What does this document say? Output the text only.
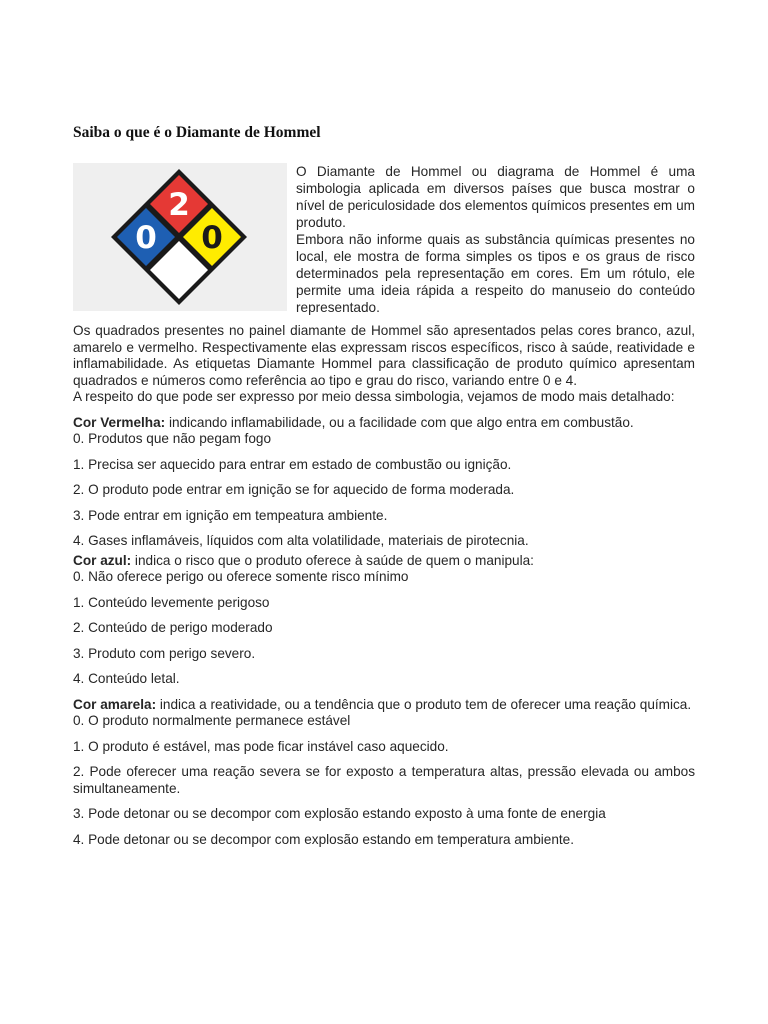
Saiba o que é o Diamante de Hommel
2
0 0

O Diamante de Hommel ou diagrama de Hommel é uma simbologia aplicada em diversos países que busca mostrar o nível de periculosidade dos elementos químicos presentes em um produto.

Embora não informe quais as substância químicas presentes no local, ele mostra de forma simples os tipos e os graus de risco determinados pela representação em cores. Em um rótulo, ele permite uma ideia rápida a respeito do manuseio do conteúdo representado.

Os quadrados presentes no painel diamante de Hommel são apresentados pelas cores branco, azul, amarelo e vermelho. Respectivamente elas expressam riscos específicos, risco à saúde, reatividade e inflamabilidade. As etiquetas Diamante Hommel para classificação de produto químico apresentam quadrados e números como referência ao tipo e grau do risco, variando entre 0 e 4.

A respeito do que pode ser expresso por meio dessa simbologia, vejamos de modo mais detalhado:

Cor Vermelha: indicando inflamabilidade, ou a facilidade com que algo entra em combustão.

0. Produtos que não pegam fogo

1. Precisa ser aquecido para entrar em estado de combustão ou ignição.

2. O produto pode entrar em ignição se for aquecido de forma moderada.

3. Pode entrar em ignição em tempeatura ambiente.

4. Gases inflamáveis, líquidos com alta volatilidade, materiais de pirotecnia.

Cor azul: indica o risco que o produto oferece à saúde de quem o manipula:

0. Não oferece perigo ou oferece somente risco mínimo

1. Conteúdo levemente perigoso

2. Conteúdo de perigo moderado

3. Produto com perigo severo.

4. Conteúdo letal.

Cor amarela: indica a reatividade, ou a tendência que o produto tem de oferecer uma reação química.

0. O produto normalmente permanece estável

1. O produto é estável, mas pode ficar instável caso aquecido.

2. Pode oferecer uma reação severa se for exposto a temperatura altas, pressão elevada ou ambos simultaneamente.

3. Pode detonar ou se decompor com explosão estando exposto à uma fonte de energia

4. Pode detonar ou se decompor com explosão estando em temperatura ambiente.
